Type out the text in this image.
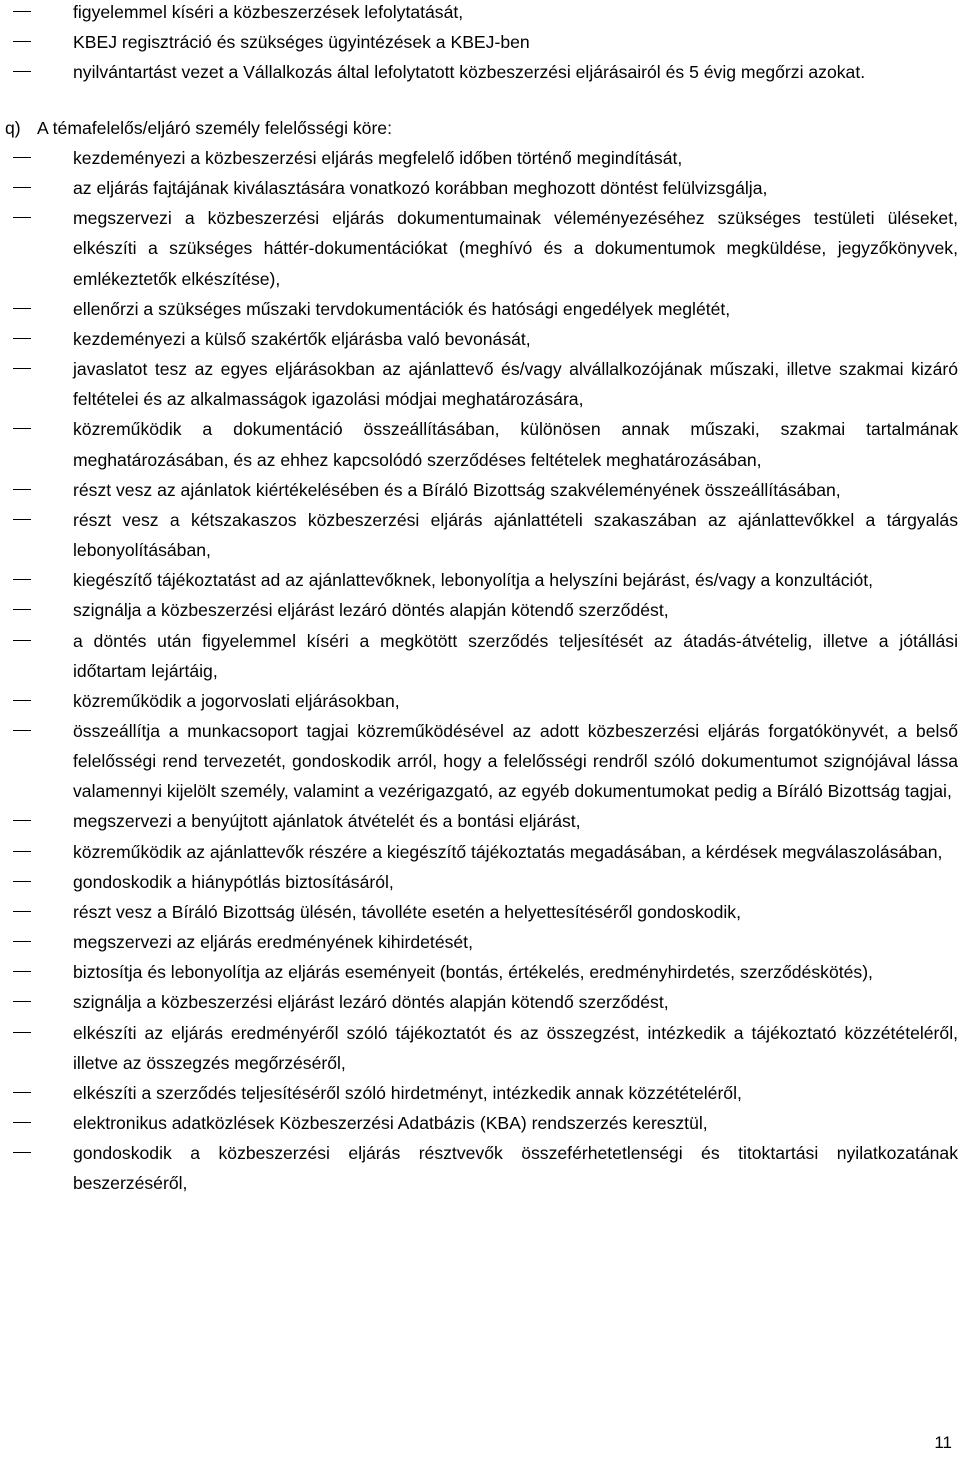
figyelemmel kíséri a közbeszerzések lefolytatását,
KBEJ regisztráció és szükséges ügyintézések a KBEJ-ben
nyilvántartást vezet a Vállalkozás által lefolytatott közbeszerzési eljárásairól és 5 évig megőrzi azokat.
q) A témafelelős/eljáró személy felelősségi köre:
kezdeményezi a közbeszerzési eljárás megfelelő időben történő megindítását,
az eljárás fajtájának kiválasztására vonatkozó korábban meghozott döntést felülvizsgálja,
megszervezi a közbeszerzési eljárás dokumentumainak véleményezéséhez szükséges testületi üléseket, elkészíti a szükséges háttér-dokumentációkat (meghívó és a dokumentumok megküldése, jegyzőkönyvek, emlékeztetők elkészítése),
ellenőrzi a szükséges műszaki tervdokumentációk és hatósági engedélyek meglétét,
kezdeményezi a külső szakértők eljárásba való bevonását,
javaslatot tesz az egyes eljárásokban az ajánlattevő és/vagy alvállalkozójának műszaki, illetve szakmai kizáró feltételei és az alkalmasságok igazolási módjai meghatározására,
közreműködik a dokumentáció összeállításában, különösen annak műszaki, szakmai tartalmának meghatározásában, és az ehhez kapcsolódó szerződéses feltételek meghatározásában,
részt vesz az ajánlatok kiértékelésében és a Bíráló Bizottság szakvéleményének összeállításában,
részt vesz a kétszakaszos közbeszerzési eljárás ajánlattételi szakaszában az ajánlattevőkkel a tárgyalás lebonyolításában,
kiegészítő tájékoztatást ad az ajánlattevőknek, lebonyolítja a helyszíni bejárást, és/vagy a konzultációt,
szignálja a közbeszerzési eljárást lezáró döntés alapján kötendő szerződést,
a döntés után figyelemmel kíséri a megkötött szerződés teljesítését az átadás-átvételig, illetve a jótállási időtartam lejártáig,
közreműködik a jogorvoslati eljárásokban,
összeállítja a munkacsoport tagjai közreműködésével az adott közbeszerzési eljárás forgatókönyvét, a belső felelősségi rend tervezetét, gondoskodik arról, hogy a felelősségi rendről szóló dokumentumot szignójával lássa valamennyi kijelölt személy, valamint a vezérigazgató, az egyéb dokumentumokat pedig a Bíráló Bizottság tagjai,
megszervezi a benyújtott ajánlatok átvételét és a bontási eljárást,
közreműködik az ajánlattevők részére a kiegészítő tájékoztatás megadásában, a kérdések megválaszolásában,
gondoskodik a hiánypótlás biztosításáról,
részt vesz a Bíráló Bizottság ülésén, távolléte esetén a helyettesítéséről gondoskodik,
megszervezi az eljárás eredményének kihirdetését,
biztosítja és lebonyolítja az eljárás eseményeit (bontás, értékelés, eredményhirdetés, szerződéskötés),
szignálja a közbeszerzési eljárást lezáró döntés alapján kötendő szerződést,
elkészíti az eljárás eredményéről szóló tájékoztatót és az összegzést, intézkedik a tájékoztató közzétételéről, illetve az összegzés megőrzéséről,
elkészíti a szerződés teljesítéséről szóló hirdetményt, intézkedik annak közzétételéről,
elektronikus adatközlések Közbeszerzési Adatbázis (KBA) rendszerzés keresztül,
gondoskodik a közbeszerzési eljárás résztvevők összeférhetetlenségi és titoktartási nyilatkozatának beszerzéséről,
11
